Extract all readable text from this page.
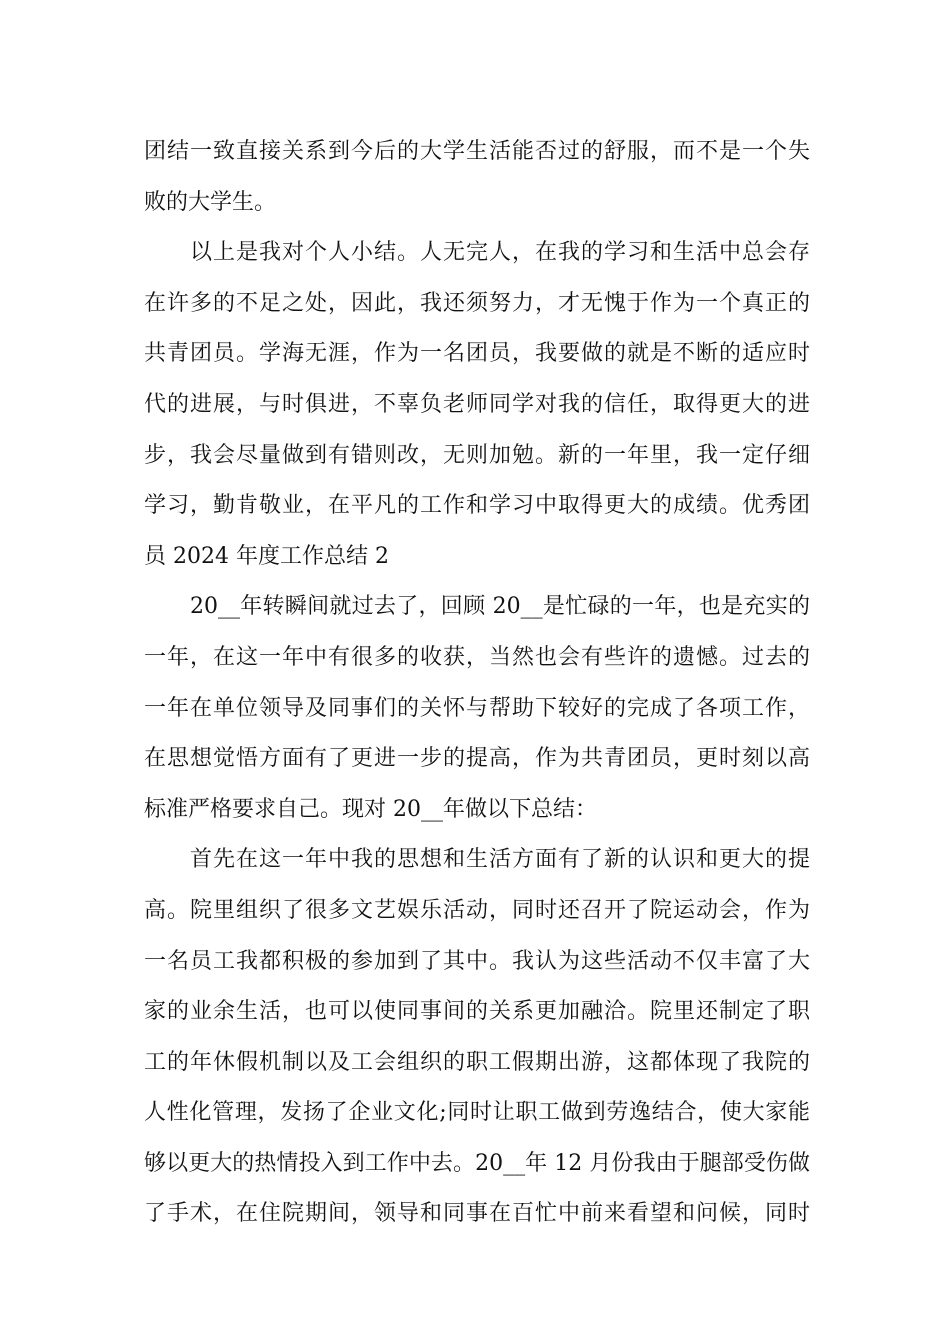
团结一致直接关系到今后的大学生活能否过的舒服，而不是一个失
败的大学生。
以上是我对个人小结。人无完人，在我的学习和生活中总会存
在许多的不足之处，因此，我还须努力，才无愧于作为一个真正的
共青团员。学海无涯，作为一名团员，我要做的就是不断的适应时
代的进展，与时俱进，不辜负老师同学对我的信任，取得更大的进
步，我会尽量做到有错则改，无则加勉。新的一年里，我一定仔细
学习，勤肯敬业，在平凡的工作和学习中取得更大的成绩。优秀团
员 2024 年度工作总结 2
20__年转瞬间就过去了，回顾 20__是忙碌的一年，也是充实的
一年，在这一年中有很多的收获，当然也会有些许的遗憾。过去的
一年在单位领导及同事们的关怀与帮助下较好的完成了各项工作，
在思想觉悟方面有了更进一步的提高，作为共青团员，更时刻以高
标准严格要求自己。现对 20__年做以下总结：
首先在这一年中我的思想和生活方面有了新的认识和更大的提
高。院里组织了很多文艺娱乐活动，同时还召开了院运动会，作为
一名员工我都积极的参加到了其中。我认为这些活动不仅丰富了大
家的业余生活，也可以使同事间的关系更加融洽。院里还制定了职
工的年休假机制以及工会组织的职工假期出游，这都体现了我院的
人性化管理，发扬了企业文化;同时让职工做到劳逸结合，使大家能
够以更大的热情投入到工作中去。20__年 12 月份我由于腿部受伤做
了手术，在住院期间，领导和同事在百忙中前来看望和问候，同时
